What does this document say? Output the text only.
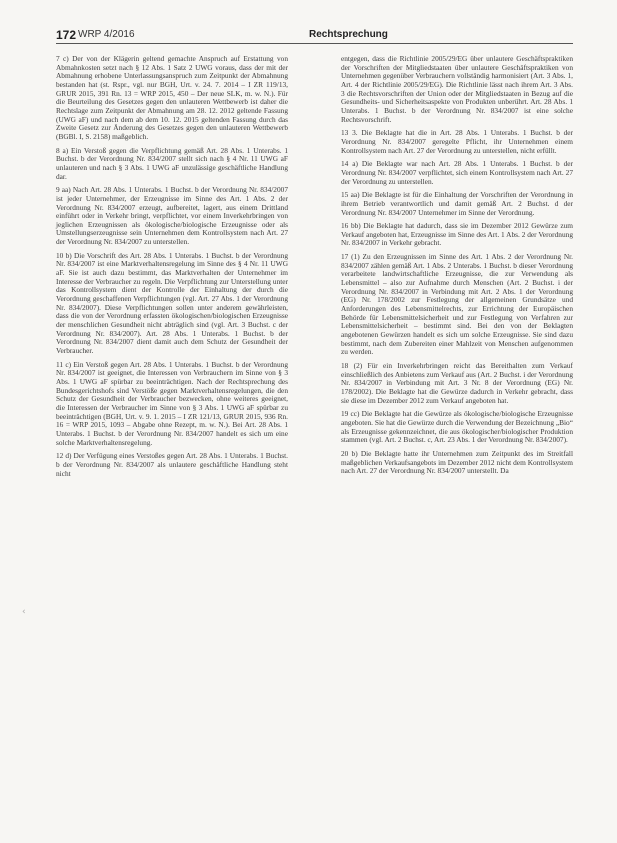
172 WRP 4/2016	Rechtsprechung

7 c) Der von der Klägerin geltend gemachte Anspruch auf Erstattung von Abmahnkosten setzt nach § 12 Abs. 1 Satz 2 UWG voraus, dass der mit der Abmahnung erhobene Unterlassungsanspruch zum Zeitpunkt der Abmahnung bestanden hat (st. Rspr., vgl. nur BGH, Urt. v. 24. 7. 2014 – I ZR 119/13, GRUR 2015, 391 Rn. 13 = WRP 2015, 450 – Der neue SLK, m. w. N.). Für die Beurteilung des Gesetzes gegen den unlauteren Wettbewerb ist daher die Rechtslage zum Zeitpunkt der Abmahnung am 28. 12. 2012 geltende Fassung (UWG aF) und nach dem ab dem 10. 12. 2015 geltenden Fassung durch das Zweite Gesetz zur Änderung des Gesetzes gegen den unlauteren Wettbewerb (BGBl. I, S. 2158) maßgeblich.

8 a) Ein Verstoß gegen die Verpflichtung gemäß Art. 28 Abs. 1 Unterabs. 1 Buchst. b der Verordnung Nr. 834/2007 stellt sich nach § 4 Nr. 11 UWG aF unlauteren und nach § 3 Abs. 1 UWG aF unzulässige geschäftliche Handlung dar.

9 aa) Nach Art. 28 Abs. 1 Unterabs. 1 Buchst. b der Verordnung Nr. 834/2007 ist jeder Unternehmer, der Erzeugnisse im Sinne des Art. 1 Abs. 2 der Verordnung Nr. 834/2007 erzeugt, aufbereitet, lagert, aus einem Drittland einführt oder in Verkehr bringt, verpflichtet, vor einem Inverkehrbringen von jeglichen Erzeugnissen als ökologische/biologische Erzeugnisse oder als Umstellungserzeugnisse sein Unternehmen dem Kontrollsystem nach Art. 27 der Verordnung Nr. 834/2007 zu unterstellen.

10 b) Die Vorschrift des Art. 28 Abs. 1 Unterabs. 1 Buchst. b der Verordnung Nr. 834/2007 ist eine Marktverhaltensregelung im Sinne des § 4 Nr. 11 UWG aF. Sie ist auch dazu bestimmt, das Marktverhalten der Unternehmer im Interesse der Verbraucher zu regeln. Die Verpflichtung zur Unterstellung unter das Kontrollsystem dient der Kontrolle der Einhaltung der durch die Verordnung geschaffenen Verpflichtungen (vgl. Art. 27 Abs. 1 der Verordnung Nr. 834/2007). Diese Verpflichtungen sollen unter anderem gewährleisten, dass die von der Verordnung erfassten ökologischen/biologischen Erzeugnisse der menschlichen Gesundheit nicht abträglich sind (vgl. Art. 3 Buchst. c der Verordnung Nr. 834/2007). Art. 28 Abs. 1 Unterabs. 1 Buchst. b der Verordnung Nr. 834/2007 dient damit auch dem Schutz der Gesundheit der Verbraucher.

11 c) Ein Verstoß gegen Art. 28 Abs. 1 Unterabs. 1 Buchst. b der Verordnung Nr. 834/2007 ist geeignet, die Interessen von Verbrauchern im Sinne von § 3 Abs. 1 UWG aF spürbar zu beeinträchtigen. Nach der Rechtsprechung des Bundesgerichtshofs sind Verstöße gegen Marktverhaltensregelungen, die den Schutz der Gesundheit der Verbraucher bezwecken, ohne weiteres geeignet, die Interessen der Verbraucher im Sinne von § 3 Abs. 1 UWG aF spürbar zu beeinträchtigen (BGH, Urt. v. 9. 1. 2015 – I ZR 121/13, GRUR 2015, 936 Rn. 16 = WRP 2015, 1093 – Abgabe ohne Rezept, m. w. N.). Bei Art. 28 Abs. 1 Unterabs. 1 Buchst. b der Verordnung Nr. 834/2007 handelt es sich um eine solche Marktverhaltensregelung.

12 d) Der Verfügung eines Verstoßes gegen Art. 28 Abs. 1 Unterabs. 1 Buchst. b der Verordnung Nr. 834/2007 als unlautere geschäftliche Handlung steht nicht

entgegen, dass die Richtlinie 2005/29/EG über unlautere Geschäftspraktiken der Vorschriften der Mitgliedstaaten über unlautere Geschäftspraktiken von Unternehmen gegenüber Verbrauchern vollständig harmonisiert (Art. 3 Abs. 1, Art. 4 der Richtlinie 2005/29/EG). Die Richtlinie lässt nach ihrem Art. 3 Abs. 3 die Rechtsvorschriften der Union oder der Mitgliedstaaten in Bezug auf die Gesundheits- und Sicherheitsaspekte von Produkten unberührt. Art. 28 Abs. 1 Unterabs. 1 Buchst. b der Verordnung Nr. 834/2007 ist eine solche Rechtsvorschrift.

13 3. Die Beklagte hat die in Art. 28 Abs. 1 Unterabs. 1 Buchst. b der Verordnung Nr. 834/2007 geregelte Pflicht, ihr Unternehmen einem Kontrollsystem nach Art. 27 der Verordnung zu unterstellen, nicht erfüllt.

14 a) Die Beklagte war nach Art. 28 Abs. 1 Unterabs. 1 Buchst. b der Verordnung Nr. 834/2007 verpflichtet, sich einem Kontrollsystem nach Art. 27 der Verordnung zu unterstellen.

15 aa) Die Beklagte ist für die Einhaltung der Vorschriften der Verordnung in ihrem Betrieb verantwortlich und damit gemäß Art. 2 Buchst. d der Verordnung Nr. 834/2007 Unternehmer im Sinne der Verordnung.

16 bb) Die Beklagte hat dadurch, dass sie im Dezember 2012 Gewürze zum Verkauf angeboten hat, Erzeugnisse im Sinne des Art. 1 Abs. 2 der Verordnung Nr. 834/2007 in Verkehr gebracht.

17 (1) Zu den Erzeugnissen im Sinne des Art. 1 Abs. 2 der Verordnung Nr. 834/2007 zählen gemäß Art. 1 Abs. 2 Unterabs. 1 Buchst. b dieser Verordnung verarbeitete landwirtschaftliche Erzeugnisse, die zur Verwendung als Lebensmittel – also zur Aufnahme durch Menschen (Art. 2 Buchst. i der Verordnung Nr. 834/2007 in Verbindung mit Art. 2 Abs. 1 der Verordnung (EG) Nr. 178/2002 zur Festlegung der allgemeinen Grundsätze und Anforderungen des Lebensmittelrechts, zur Errichtung der Europäischen Behörde für Lebensmittelsicherheit und zur Festlegung von Verfahren zur Lebensmittelsicherheit – bestimmt sind. Bei den von der Beklagten angebotenen Gewürzen handelt es sich um solche Erzeugnisse. Sie sind dazu bestimmt, nach dem Zubereiten einer Mahlzeit von Menschen aufgenommen zu werden.

18 (2) Für ein Inverkehrbringen reicht das Bereithalten zum Verkauf einschließlich des Anbietens zum Verkauf aus (Art. 2 Buchst. i der Verordnung Nr. 834/2007 in Verbindung mit Art. 3 Nr. 8 der Verordnung (EG) Nr. 178/2002). Die Beklagte hat die Gewürze dadurch in Verkehr gebracht, dass sie diese im Dezember 2012 zum Verkauf angeboten hat.

19 cc) Die Beklagte hat die Gewürze als ökologische/biologische Erzeugnisse angeboten. Sie hat die Gewürze durch die Verwendung der Bezeichnung „Bio“ als Erzeugnisse gekennzeichnet, die aus ökologischer/biologischer Produktion stammen (vgl. Art. 2 Buchst. c, Art. 23 Abs. 1 der Verordnung Nr. 834/2007).

20 b) Die Beklagte hatte ihr Unternehmen zum Zeitpunkt des im Streitfall maßgeblichen Verkaufsangebots im Dezember 2012 nicht dem Kontrollsystem nach Art. 27 der Verordnung Nr. 834/2007 unterstellt. Da

‹
